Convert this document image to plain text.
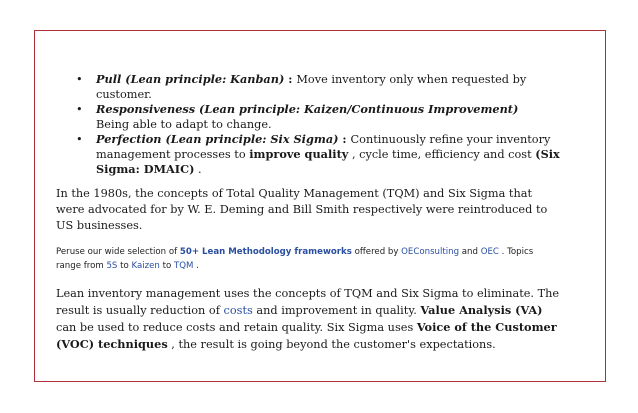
• Pull (Lean principle: Kanban) : Move inventory only when requested by customer.
• Responsiveness (Lean principle: Kaizen/Continuous Improvement)
Being able to adapt to change.
• Perfection (Lean principle: Six Sigma) : Continuously refine your inventory management processes to improve quality , cycle time, efficiency and cost (Six Sigma: DMAIC) .

In the 1980s, the concepts of Total Quality Management (TQM) and Six Sigma that were advocated for by W. E. Deming and Bill Smith respectively were reintroduced to US businesses.

Peruse our wide selection of 50+ Lean Methodology frameworks offered by OEConsulting and OEC . Topics range from 5S to Kaizen to TQM .

Lean inventory management uses the concepts of TQM and Six Sigma to eliminate. The result is usually reduction of costs and improvement in quality. Value Analysis (VA) can be used to reduce costs and retain quality. Six Sigma uses Voice of the Customer (VOC) techniques , the result is going beyond the customer's expectations.
